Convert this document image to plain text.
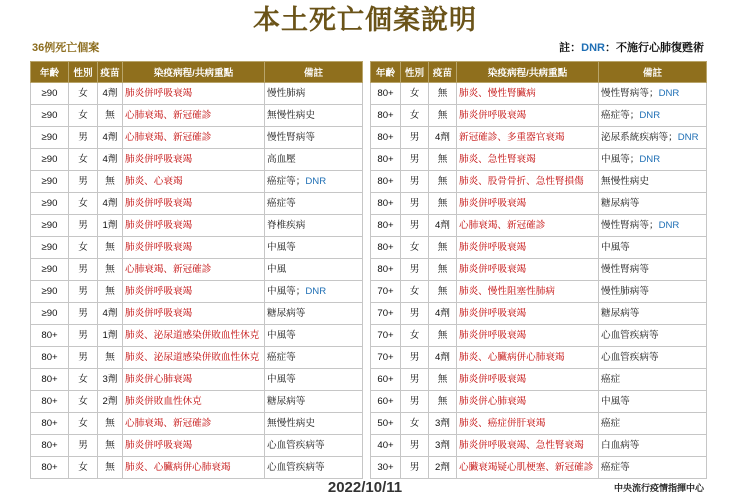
本土死亡個案說明
36例死亡個案	註：DNR：不施行心肺復甦術
年齡	性別	疫苗	染疫病程/共病重點	備註
≥90	女	4劑	肺炎併呼吸衰竭	慢性肺病
≥90	女	無	心肺衰竭、新冠確診	無慢性病史
≥90	男	4劑	心肺衰竭、新冠確診	慢性腎病等
≥90	女	4劑	肺炎併呼吸衰竭	高血壓
≥90	男	無	肺炎、心衰竭	癌症等；DNR
≥90	女	4劑	肺炎併呼吸衰竭	癌症等
≥90	男	1劑	肺炎併呼吸衰竭	脊椎疾病
≥90	女	無	肺炎併呼吸衰竭	中風等
≥90	男	無	心肺衰竭、新冠確診	中風
≥90	男	無	肺炎併呼吸衰竭	中風等；DNR
≥90	男	4劑	肺炎併呼吸衰竭	糖尿病等
80+	男	1劑	肺炎、泌尿道感染併敗血性休克	中風等
80+	男	無	肺炎、泌尿道感染併敗血性休克	癌症等
80+	女	3劑	肺炎併心肺衰竭	中風等
80+	女	2劑	肺炎併敗血性休克	糖尿病等
80+	女	無	心肺衰竭、新冠確診	無慢性病史
80+	男	無	肺炎併呼吸衰竭	心血管疾病等
80+	女	無	肺炎、心臟病併心肺衰竭	心血管疾病等
年齡	性別	疫苗	染疫病程/共病重點	備註
80+	女	無	肺炎、慢性腎臟病	慢性腎病等；DNR
80+	女	無	肺炎併呼吸衰竭	癌症等；DNR
80+	男	4劑	新冠確診、多重器官衰竭	泌尿系統疾病等；DNR
80+	男	無	肺炎、急性腎衰竭	中風等；DNR
80+	男	無	肺炎、股骨骨折、急性腎損傷	無慢性病史
80+	男	無	肺炎併呼吸衰竭	糖尿病等
80+	男	4劑	心肺衰竭、新冠確診	慢性腎病等；DNR
80+	女	無	肺炎併呼吸衰竭	中風等
80+	男	無	肺炎併呼吸衰竭	慢性腎病等
70+	女	無	肺炎、慢性阻塞性肺病	慢性肺病等
70+	男	4劑	肺炎併呼吸衰竭	糖尿病等
70+	女	無	肺炎併呼吸衰竭	心血管疾病等
70+	男	4劑	肺炎、心臟病併心肺衰竭	心血管疾病等
60+	男	無	肺炎併呼吸衰竭	癌症
60+	男	無	肺炎併心肺衰竭	中風等
50+	女	3劑	肺炎、癌症併肝衰竭	癌症
40+	男	3劑	肺炎併呼吸衰竭、急性腎衰竭	白血病等
30+	男	2劑	心臟衰竭疑心肌梗塞、新冠確診	癌症等
2022/10/11	中央流行疫情指揮中心
